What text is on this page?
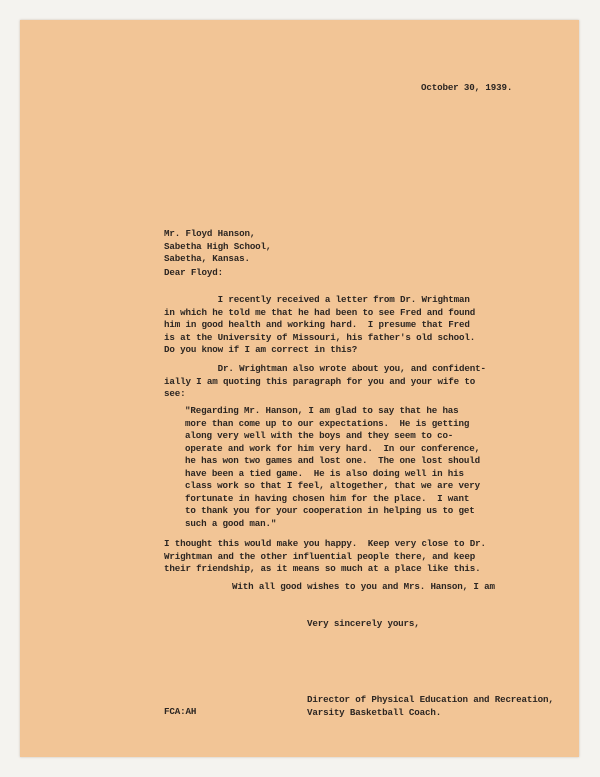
October 30, 1939.
Mr. Floyd Hanson,
Sabetha High School,
Sabetha, Kansas.
Dear Floyd:
I recently received a letter from Dr. Wrightman
in which he told me that he had been to see Fred and found
him in good health and working hard.  I presume that Fred
is at the University of Missouri, his father's old school.
Do you know if I am correct in this?
Dr. Wrightman also wrote about you, and confident-
ially I am quoting this paragraph for you and your wife to
see:
"Regarding Mr. Hanson, I am glad to say that he has
more than come up to our expectations.  He is getting
along very well with the boys and they seem to co-
operate and work for him very hard.  In our conference,
he has won two games and lost one.  The one lost should
have been a tied game.  He is also doing well in his
class work so that I feel, altogether, that we are very
fortunate in having chosen him for the place.  I want
to thank you for your cooperation in helping us to get
such a good man."
I thought this would make you happy.  Keep very close to Dr.
Wrightman and the other influential people there, and keep
their friendship, as it means so much at a place like this.
With all good wishes to you and Mrs. Hanson, I am
Very sincerely yours,
FCA:AH
Director of Physical Education and Recreation,
Varsity Basketball Coach.
